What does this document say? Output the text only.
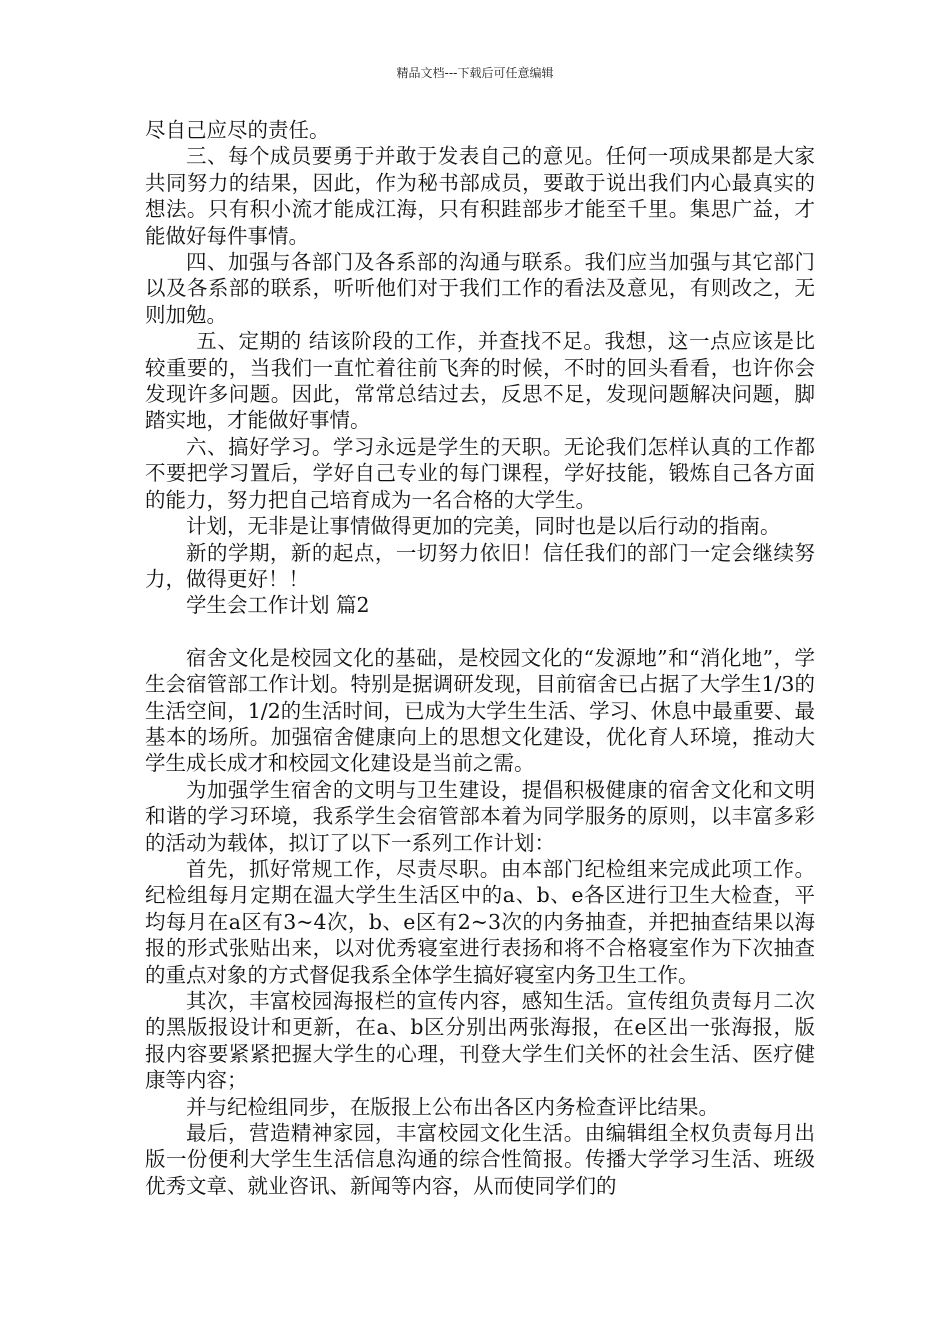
精品文档---下载后可任意编辑

尽自己应尽的责任。

三、每个成员要勇于并敢于发表自己的意见。任何一项成果都是大家共同努力的结果，因此，作为秘书部成员，要敢于说出我们内心最真实的想法。只有积小流才能成江海，只有积跬部步才能至千里。集思广益，才能做好每件事情。

四、加强与各部门及各系部的沟通与联系。我们应当加强与其它部门以及各系部的联系，听听他们对于我们工作的看法及意见，有则改之，无则加勉。

五、定期的 结该阶段的工作，并查找不足。我想，这一点应该是比较重要的，当我们一直忙着往前飞奔的时候，不时的回头看看，也许你会发现许多问题。因此，常常总结过去，反思不足，发现问题解决问题，脚踏实地，才能做好事情。

六、搞好学习。学习永远是学生的天职。无论我们怎样认真的工作都不要把学习置后，学好自己专业的每门课程，学好技能，锻炼自己各方面的能力，努力把自己培育成为一名合格的大学生。

计划，无非是让事情做得更加的完美，同时也是以后行动的指南。

新的学期，新的起点，一切努力依旧！信任我们的部门一定会继续努力，做得更好！！

学生会工作计划 篇2

宿舍文化是校园文化的基础，是校园文化的“发源地”和“消化地”，学生会宿管部工作计划。特别是据调研发现，目前宿舍已占据了大学生1/3的生活空间，1/2的生活时间，已成为大学生生活、学习、休息中最重要、最基本的场所。加强宿舍健康向上的思想文化建设，优化育人环境，推动大学生成长成才和校园文化建设是当前之需。

为加强学生宿舍的文明与卫生建设，提倡积极健康的宿舍文化和文明和谐的学习环境，我系学生会宿管部本着为同学服务的原则，以丰富多彩的活动为载体，拟订了以下一系列工作计划：

首先，抓好常规工作，尽责尽职。由本部门纪检组来完成此项工作。纪检组每月定期在温大学生生活区中的a、b、e各区进行卫生大检查，平均每月在a区有3~4次，b、e区有2~3次的内务抽查，并把抽查结果以海报的形式张贴出来，以对优秀寝室进行表扬和将不合格寝室作为下次抽查的重点对象的方式督促我系全体学生搞好寝室内务卫生工作。

其次，丰富校园海报栏的宣传内容，感知生活。宣传组负责每月二次的黑版报设计和更新，在a、b区分别出两张海报，在e区出一张海报，版报内容要紧紧把握大学生的心理，刊登大学生们关怀的社会生活、医疗健康等内容；

并与纪检组同步，在版报上公布出各区内务检查评比结果。

最后，营造精神家园，丰富校园文化生活。由编辑组全权负责每月出版一份便利大学生生活信息沟通的综合性简报。传播大学学习生活、班级优秀文章、就业咨讯、新闻等内容，从而使同学们的
